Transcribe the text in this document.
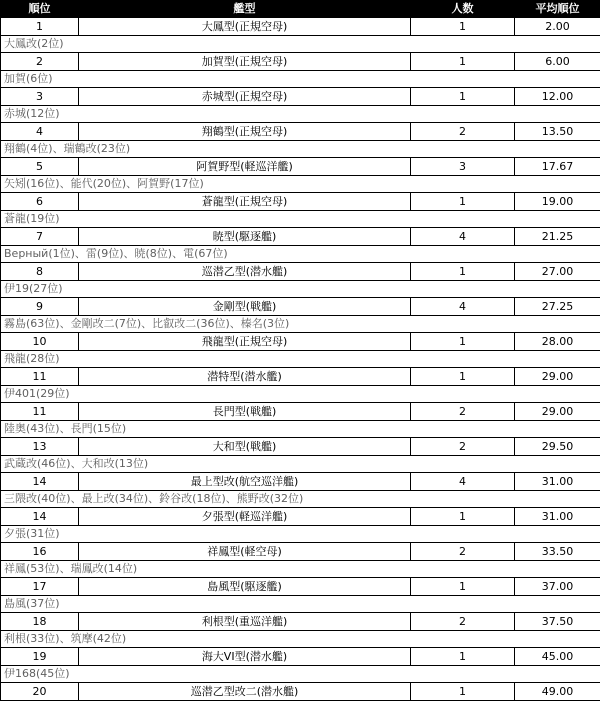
順位	艦型	人数	平均順位
1	大鳳型(正規空母)	1	2.00
大鳳改(2位)			
2	加賀型(正規空母)	1	6.00
加賀(6位)			
3	赤城型(正規空母)	1	12.00
赤城(12位)			
4	翔鶴型(正規空母)	2	13.50
翔鶴(4位)、瑞鶴改(23位)			
5	阿賀野型(軽巡洋艦)	3	17.67
矢矧(16位)、能代(20位)、阿賀野(17位)			
6	蒼龍型(正規空母)	1	19.00
蒼龍(19位)			
7	暁型(駆逐艦)	4	21.25
Верный(1位)、雷(9位)、暁(8位)、電(67位)			
8	巡潜乙型(潜水艦)	1	27.00
伊19(27位)			
9	金剛型(戦艦)	4	27.25
霧島(63位)、金剛改二(7位)、比叡改二(36位)、榛名(3位)			
10	飛龍型(正規空母)	1	28.00
飛龍(28位)			
11	潜特型(潜水艦)	1	29.00
伊401(29位)			
11	長門型(戦艦)	2	29.00
陸奥(43位)、長門(15位)			
13	大和型(戦艦)	2	29.50
武蔵改(46位)、大和改(13位)			
14	最上型改(航空巡洋艦)	4	31.00
三隈改(40位)、最上改(34位)、鈴谷改(18位)、熊野改(32位)			
14	夕張型(軽巡洋艦)	1	31.00
夕張(31位)			
16	祥鳳型(軽空母)	2	33.50
祥鳳(53位)、瑞鳳改(14位)			
17	島風型(駆逐艦)	1	37.00
島風(37位)			
18	利根型(重巡洋艦)	2	37.50
利根(33位)、筑摩(42位)			
19	海大VI型(潜水艦)	1	45.00
伊168(45位)			
20	巡潜乙型改二(潜水艦)	1	49.00
